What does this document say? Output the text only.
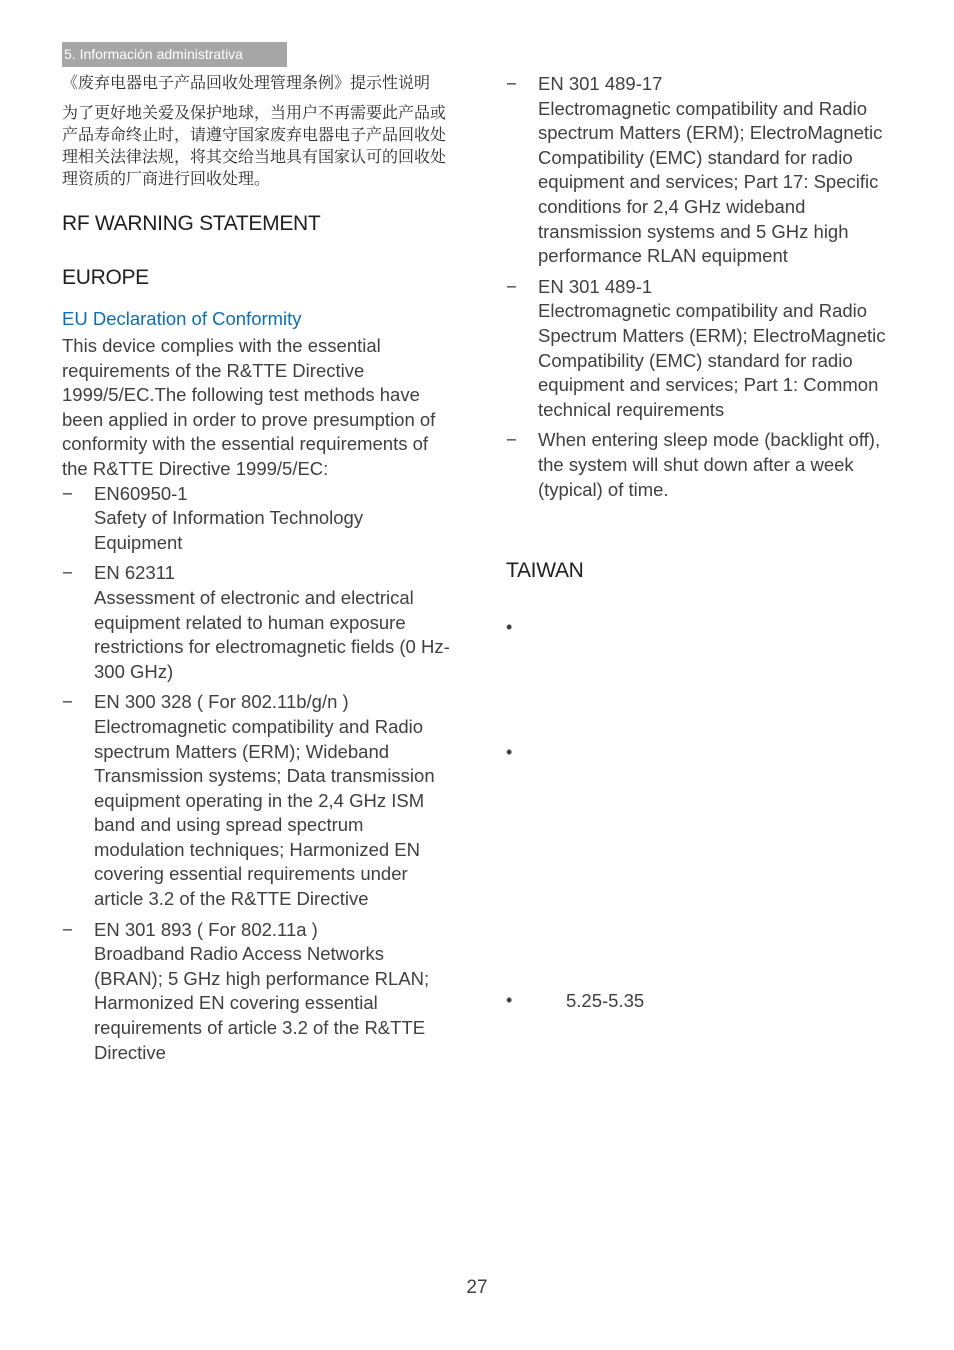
5. Información administrativa

《废弃电器电子产品回收处理管理条例》提示性说明

为了更好地关爱及保护地球，当用户不再需要此产品或产品寿命终止时，请遵守国家废弃电器电子产品回收处理相关法律法规，将其交给当地具有国家认可的回收处理资质的厂商进行回收处理。

RF WARNING STATEMENT
EUROPE
EU Declaration of Conformity

This device complies with the essential requirements of the R&TTE Directive 1999/5/EC.The following test methods have been applied in order to prove presumption of conformity with the essential requirements of the R&TTE Directive 1999/5/EC:

− EN60950-1
Safety of Information Technology Equipment
− EN 62311
Assessment of electronic and electrical equipment related to human exposure restrictions for electromagnetic fields (0 Hz-300 GHz)
− EN 300 328 ( For 802.11b/g/n )
Electromagnetic compatibility and Radio spectrum Matters (ERM); Wideband Transmission systems; Data transmission equipment operating in the 2,4 GHz ISM band and using spread spectrum modulation techniques; Harmonized EN covering essential requirements under article 3.2 of the R&TTE Directive
− EN 301 893 ( For 802.11a )
Broadband Radio Access Networks (BRAN); 5 GHz high performance RLAN; Harmonized EN covering essential requirements of article 3.2 of the R&TTE Directive
− EN 301 489-17
Electromagnetic compatibility and Radio spectrum Matters (ERM); ElectroMagnetic Compatibility (EMC) standard for radio equipment and services; Part 17: Specific conditions for 2,4 GHz wideband transmission systems and 5 GHz high performance RLAN equipment
− EN 301 489-1
Electromagnetic compatibility and Radio Spectrum Matters (ERM); ElectroMagnetic Compatibility (EMC) standard for radio equipment and services; Part 1: Common technical requirements
− When entering sleep mode (backlight off), the system will shut down after a week (typical) of time.
TAIWAN
•
•
•	5.25-5.35
27
